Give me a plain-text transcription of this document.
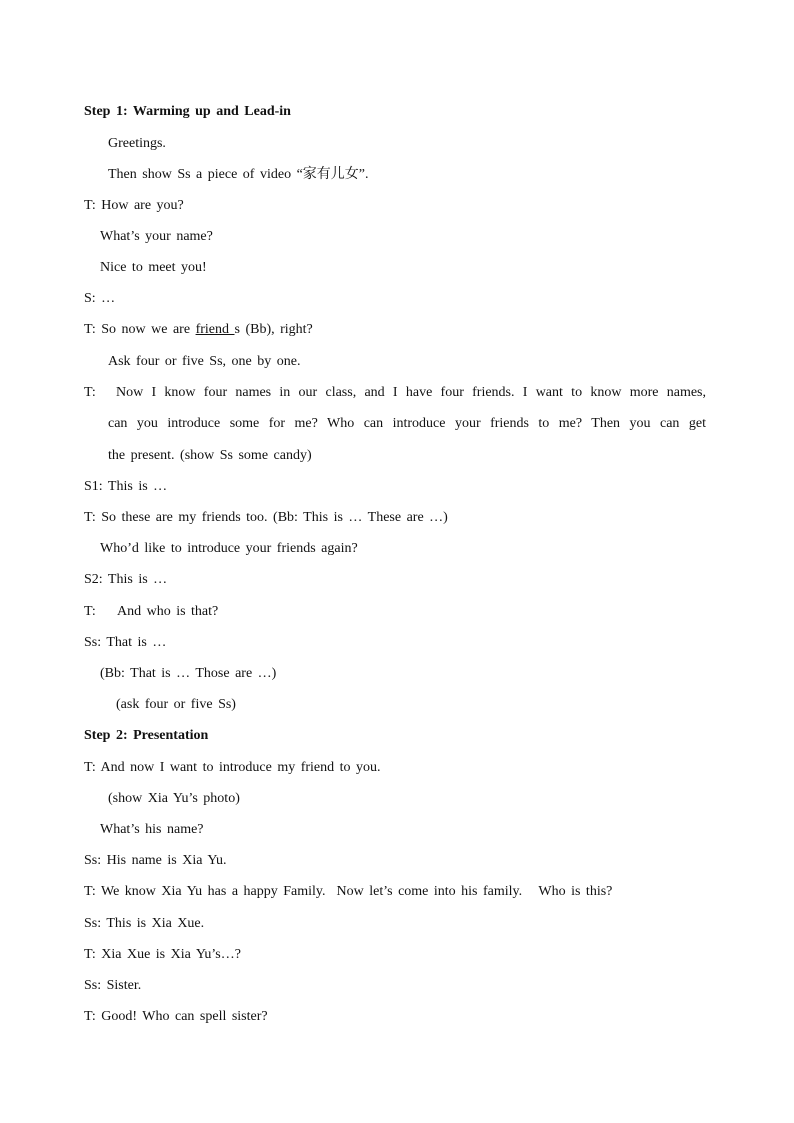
Step 1: Warming up and Lead-in
Greetings.
Then show Ss a piece of video “家有儿女”.
T: How are you?
What’s your name?
Nice to meet you!
S: …
T: So now we are friend s (Bb), right?
Ask four or five Ss, one by one.
T: Now I know four names in our class, and I have four friends. I want to know more names,
can you introduce some for me? Who can introduce your friends to me? Then you can get
the present. (show Ss some candy)
S1: This is …
T: So these are my friends too. (Bb: This is … These are …)
Who’d like to introduce your friends again?
S2: This is …
T:    And who is that?
Ss: That is …
(Bb: That is … Those are …)
(ask four or five Ss)
Step 2: Presentation
T: And now I want to introduce my friend to you.
(show Xia Yu’s photo)
What’s his name?
Ss: His name is Xia Yu.
T: We know Xia Yu has a happy Family.  Now let’s come into his family.   Who is this?
Ss: This is Xia Xue.
T: Xia Xue is Xia Yu’s…?
Ss: Sister.
T: Good! Who can spell sister?
